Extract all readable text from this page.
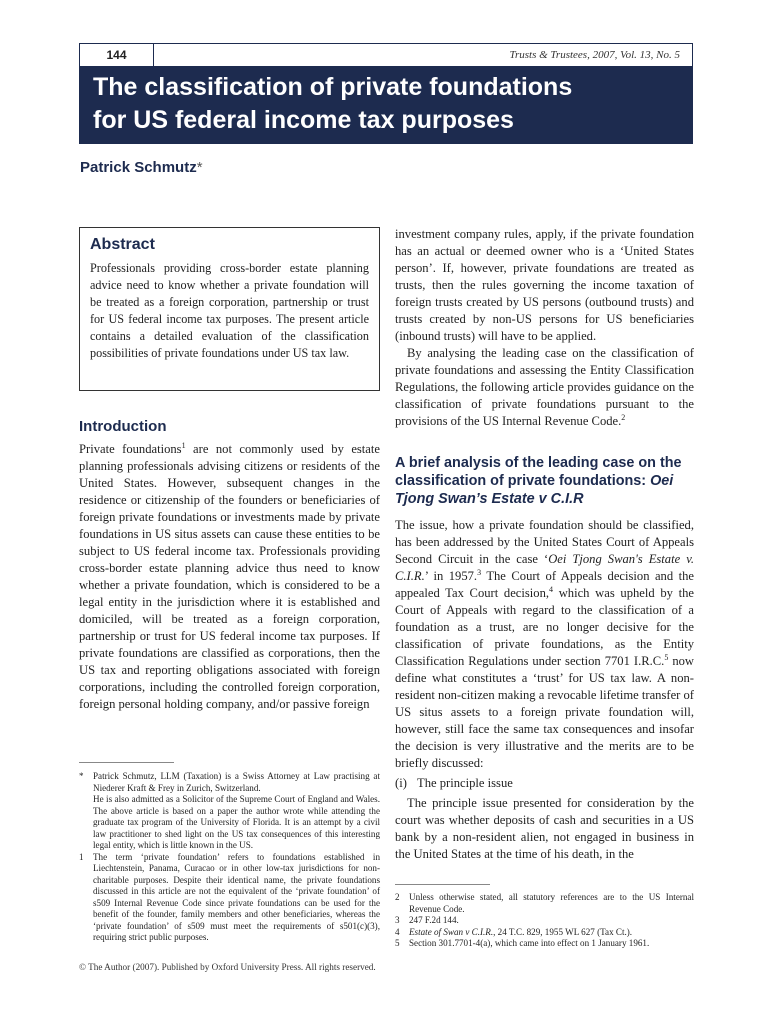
144	Trusts & Trustees, 2007, Vol. 13, No. 5
The classification of private foundations
for US federal income tax purposes
Patrick Schmutz*
Abstract

Professionals providing cross-border estate planning advice need to know whether a private foundation will be treated as a foreign corporation, partnership or trust for US federal income tax purposes. The present article contains a detailed evaluation of the classification possibilities of private foundations under US tax law.

Introduction

Private foundations$^1$ are not commonly used by estate planning professionals advising citizens or residents of the United States. However, subsequent changes in the residence or citizenship of the founders or beneficiaries of foreign private foundations or investments made by private foundations in US situs assets can cause these entities to be subject to US federal income tax. Professionals providing cross-border estate planning advice thus need to know whether a private foundation, which is considered to be a legal entity in the jurisdiction where it is established and domiciled, will be treated as a foreign corporation, partnership or trust for US federal income tax purposes. If private foundations are classified as corporations, then the US tax and reporting obligations associated with foreign corporations, including the controlled foreign corporation, foreign personal holding company, and/or passive foreign

investment company rules, apply, if the private foundation has an actual or deemed owner who is a ‘United States person’. If, however, private foundations are treated as trusts, then the rules governing the income taxation of foreign trusts created by US persons (outbound trusts) and trusts created by non-US persons for US beneficiaries (inbound trusts) will have to be applied.

By analysing the leading case on the classification of private foundations and assessing the Entity Classification Regulations, the following article provides guidance on the classification of private foundations pursuant to the provisions of the US Internal Revenue Code.$^2$

A brief analysis of the leading case on the classification of private foundations: Oei Tjong Swan’s Estate v C.I.R

The issue, how a private foundation should be classified, has been addressed by the United States Court of Appeals Second Circuit in the case ‘Oei Tjong Swan's Estate v. C.I.R.’ in 1957.$^3$ The Court of Appeals decision and the appealed Tax Court decision,$^4$ which was upheld by the Court of Appeals with regard to the classification of a foundation as a trust, are no longer decisive for the classification of private foundations, as the Entity Classification Regulations under section 7701 I.R.C.$^5$ now define what constitutes a ‘trust’ for US tax law. A non-resident non-citizen making a revocable lifetime transfer of US situs assets to a foreign private foundation will, however, still face the same tax consequences and insofar the decision is very illustrative and the merits are to be briefly discussed:

(i) The principle issue

The principle issue presented for consideration by the court was whether deposits of cash and securities in a US bank by a non-resident alien, not engaged in business in the United States at the time of his death, in the

* Patrick Schmutz, LLM (Taxation) is a Swiss Attorney at Law practising at Niederer Kraft & Frey in Zurich, Switzerland.

He is also admitted as a Solicitor of the Supreme Court of England and Wales. The above article is based on a paper the author wrote while attending the graduate tax program of the University of Florida. It is an attempt by a civil law practitioner to shed light on the US tax consequences of this interesting legal entity, which is little known in the US.

1 The term ‘private foundation’ refers to foundations established in Liechtenstein, Panama, Curacao or in other low-tax jurisdictions for non-charitable purposes. Despite their identical name, the private foundations discussed in this article are not the equivalent of the ‘private foundation’ of s509 Internal Revenue Code since private foundations can be used for the benefit of the founder, family members and other beneficiaries, whereas the ‘private foundation’ of s509 must meet the requirements of s501(c)(3), requiring strict public purposes.

2 Unless otherwise stated, all statutory references are to the US Internal Revenue Code.

3 247 F.2d 144.

4 Estate of Swan v C.I.R., 24 T.C. 829, 1955 WL 627 (Tax Ct.).

5 Section 301.7701-4(a), which came into effect on 1 January 1961.

© The Author (2007). Published by Oxford University Press. All rights reserved.
